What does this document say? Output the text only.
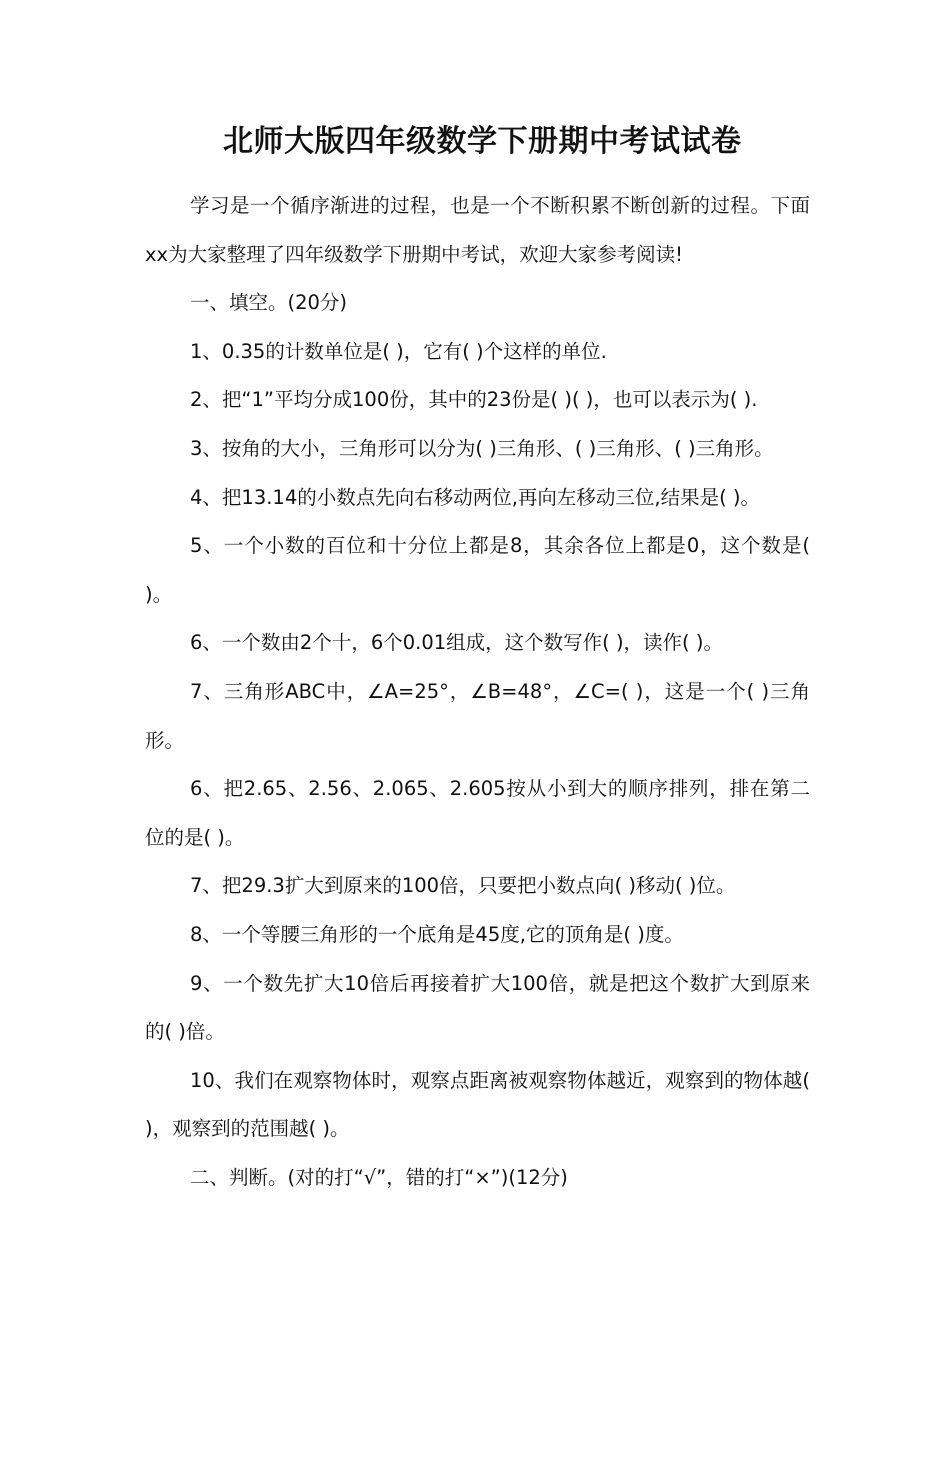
北师大版四年级数学下册期中考试试卷

学习是一个循序渐进的过程，也是一个不断积累不断创新的过程。下面xx为大家整理了四年级数学下册期中考试，欢迎大家参考阅读!

一、填空。(20分)

1、0.35的计数单位是( )，它有( )个这样的单位.

2、把“1”平均分成100份，其中的23份是( )( )，也可以表示为( ).

3、按角的大小，三角形可以分为( )三角形、( )三角形、( )三角形。

4、把13.14的小数点先向右移动两位,再向左移动三位,结果是( )。

5、一个小数的百位和十分位上都是8，其余各位上都是0，这个数是( )。

6、一个数由2个十，6个0.01组成，这个数写作( )，读作( )。

7、三角形ABC中，∠A=25°，∠B=48°，∠C=( )，这是一个( )三角形。

6、把2.65、2.56、2.065、2.605按从小到大的顺序排列，排在第二位的是( )。

7、把29.3扩大到原来的100倍，只要把小数点向( )移动( )位。

8、一个等腰三角形的一个底角是45度,它的顶角是( )度。

9、一个数先扩大10倍后再接着扩大100倍，就是把这个数扩大到原来的( )倍。

10、我们在观察物体时，观察点距离被观察物体越近，观察到的物体越( )，观察到的范围越( )。

二、判断。(对的打“√”，错的打“×”)(12分)
